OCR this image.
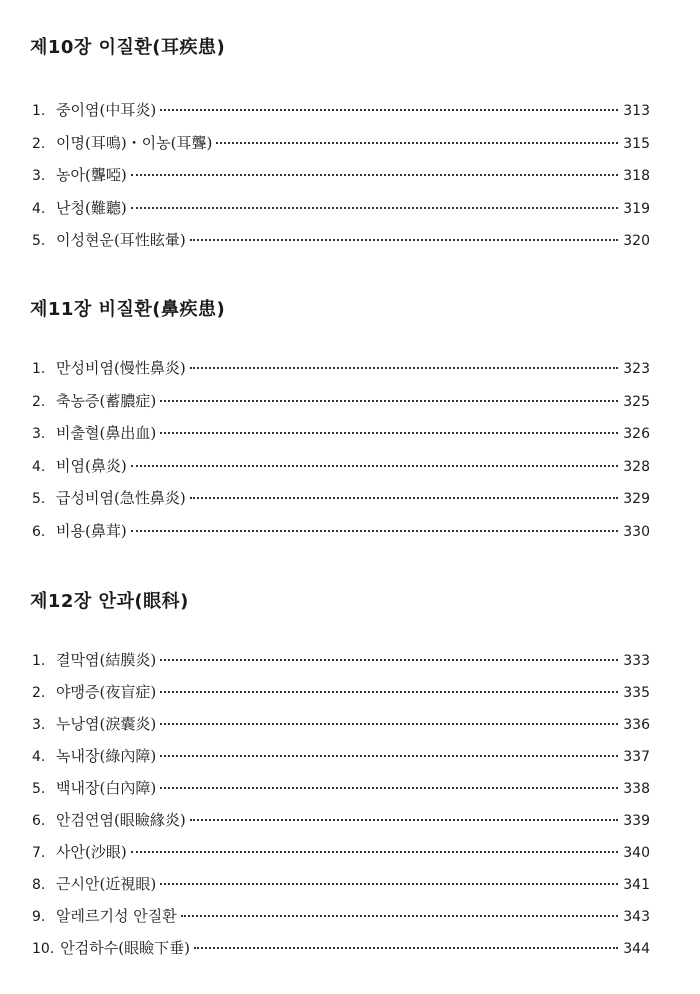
제10장 이질환(耳疾患)
1. 중이염(中耳炎)	313
2. 이명(耳鳴)・이농(耳聾)	315
3. 농아(聾啞)	318
4. 난청(難聽)	319
5. 이성현운(耳性眩暈)	320
제11장 비질환(鼻疾患)
1. 만성비염(慢性鼻炎)	323
2. 축농증(蓄膿症)	325
3. 비출혈(鼻出血)	326
4. 비염(鼻炎)	328
5. 급성비염(急性鼻炎)	329
6. 비용(鼻茸)	330
제12장 안과(眼科)
1. 결막염(結膜炎)	333
2. 야맹증(夜盲症)	335
3. 누낭염(淚囊炎)	336
4. 녹내장(綠內障)	337
5. 백내장(白內障)	338
6. 안검연염(眼瞼緣炎)	339
7. 사안(沙眼)	340
8. 근시안(近視眼)	341
9. 알레르기성 안질환	343
10. 안검하수(眼瞼下垂)	344
